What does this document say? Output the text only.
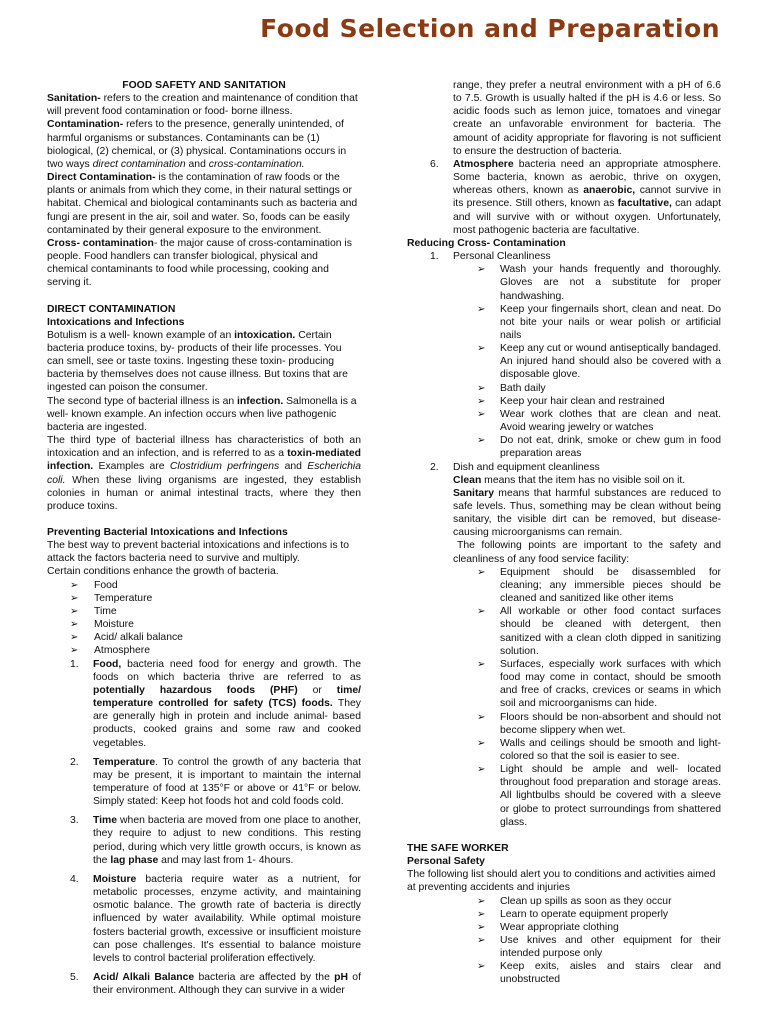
Food Selection and Preparation

FOOD SAFETY AND SANITATION

Sanitation- refers to the creation and maintenance of condition that will prevent food contamination or food- borne illness.

Contamination- refers to the presence, generally unintended, of harmful organisms or substances. Contaminants can be (1) biological, (2) chemical, or (3) physical. Contaminations occurs in two ways direct contamination and cross-contamination.

Direct Contamination- is the contamination of raw foods or the plants or animals from which they come, in their natural settings or habitat. Chemical and biological contaminants such as bacteria and fungi are present in the air, soil and water. So, foods can be easily contaminated by their general exposure to the environment.

Cross- contamination- the major cause of cross-contamination is people. Food handlers can transfer biological, physical and chemical contaminants to food while processing, cooking and serving it.

DIRECT CONTAMINATION

Intoxications and Infections

Botulism is a well- known example of an intoxication. Certain bacteria produce toxins, by- products of their life processes. You can smell, see or taste toxins. Ingesting these toxin- producing bacteria by themselves does not cause illness. But toxins that are ingested can poison the consumer.

The second type of bacterial illness is an infection. Salmonella is a well- known example. An infection occurs when live pathogenic bacteria are ingested.

The third type of bacterial illness has characteristics of both an intoxication and an infection, and is referred to as a toxin-mediated infection. Examples are Clostridium perfringens and Escherichia coli. When these living organisms are ingested, they establish colonies in human or animal intestinal tracts, where they then produce toxins.

Preventing Bacterial Intoxications and Infections

The best way to prevent bacterial intoxications and infections is to attack the factors bacteria need to survive and multiply.

Certain conditions enhance the growth of bacteria.

➢ Food
➢ Temperature
➢ Time
➢ Moisture
➢ Acid/ alkali balance
➢ Atmosphere
1. Food, bacteria need food for energy and growth. The foods on which bacteria thrive are referred to as potentially hazardous foods (PHF) or time/ temperature controlled for safety (TCS) foods. They are generally high in protein and include animal- based products, cooked grains and some raw and cooked vegetables.
2. Temperature. To control the growth of any bacteria that may be present, it is important to maintain the internal temperature of food at 135°F or above or 41°F or below. Simply stated: Keep hot foods hot and cold foods cold.
3. Time when bacteria are moved from one place to another, they require to adjust to new conditions. This resting period, during which very little growth occurs, is known as the lag phase and may last from 1- 4hours.
4. Moisture bacteria require water as a nutrient, for metabolic processes, enzyme activity, and maintaining osmotic balance. The growth rate of bacteria is directly influenced by water availability. While optimal moisture fosters bacterial growth, excessive or insufficient moisture can pose challenges. It's essential to balance moisture levels to control bacterial proliferation effectively.
5. Acid/ Alkali Balance bacteria are affected by the pH of their environment. Although they can survive in a wider

range, they prefer a neutral environment with a pH of 6.6 to 7.5. Growth is usually halted if the pH is 4.6 or less. So acidic foods such as lemon juice, tomatoes and vinegar create an unfavorable environment for bacteria. The amount of acidity appropriate for flavoring is not sufficient to ensure the destruction of bacteria.

6. Atmosphere bacteria need an appropriate atmosphere. Some bacteria, known as aerobic, thrive on oxygen, whereas others, known as anaerobic, cannot survive in its presence. Still others, known as facultative, can adapt and will survive with or without oxygen. Unfortunately, most pathogenic bacteria are facultative.

Reducing Cross- Contamination

1. Personal Cleanliness
➢ Wash your hands frequently and thoroughly. Gloves are not a substitute for proper handwashing.
➢ Keep your fingernails short, clean and neat. Do not bite your nails or wear polish or artificial nails
➢ Keep any cut or wound antiseptically bandaged. An injured hand should also be covered with a disposable glove.
➢ Bath daily
➢ Keep your hair clean and restrained
➢ Wear work clothes that are clean and neat. Avoid wearing jewelry or watches
➢ Do not eat, drink, smoke or chew gum in food preparation areas
2. Dish and equipment cleanliness

Clean means that the item has no visible soil on it.

Sanitary means that harmful substances are reduced to safe levels. Thus, something may be clean without being sanitary, the visible dirt can be removed, but disease-causing microorganisms can remain.

The following points are important to the safety and cleanliness of any food service facility:

➢ Equipment should be disassembled for cleaning; any immersible pieces should be cleaned and sanitized like other items
➢ All workable or other food contact surfaces should be cleaned with detergent, then sanitized with a clean cloth dipped in sanitizing solution.
➢ Surfaces, especially work surfaces with which food may come in contact, should be smooth and free of cracks, crevices or seams in which soil and microorganisms can hide.
➢ Floors should be non-absorbent and should not become slippery when wet.
➢ Walls and ceilings should be smooth and light-colored so that the soil is easier to see.
➢ Light should be ample and well- located throughout food preparation and storage areas. All lightbulbs should be covered with a sleeve or globe to protect surroundings from shattered glass.

THE SAFE WORKER

Personal Safety

The following list should alert you to conditions and activities aimed at preventing accidents and injuries

➢ Clean up spills as soon as they occur
➢ Learn to operate equipment properly
➢ Wear appropriate clothing
➢ Use knives and other equipment for their intended purpose only
➢ Keep exits, aisles and stairs clear and unobstructed
